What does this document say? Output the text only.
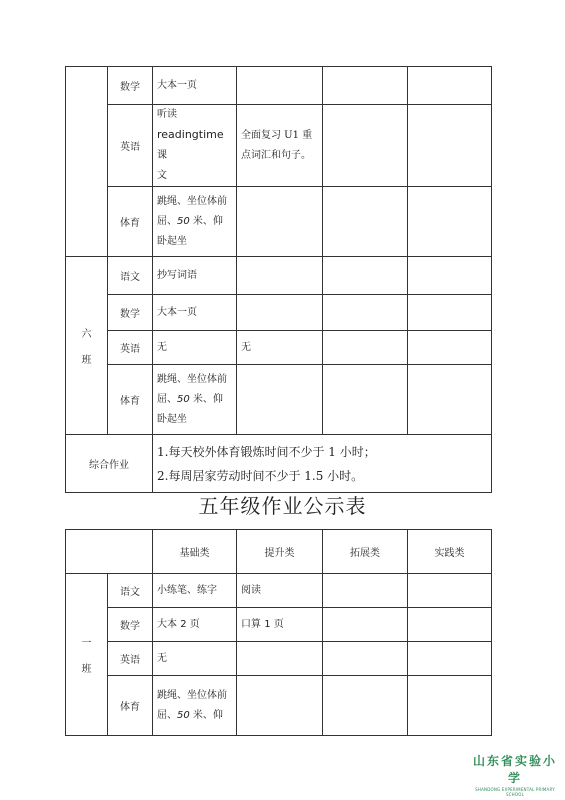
	数学	大本一页			
	英语	听读
readingtime 课
文	全面复习 U1 重
点词汇和句子。		
	体育	跳绳、坐位体前
屈、50 米、仰
卧起坐			
六

班	语文	抄写词语			
	数学	大本一页			
	英语	无	无		
	体育	跳绳、坐位体前
屈、50 米、仰
卧起坐			
综合作业		1.每天校外体育锻炼时间不少于 1 小时；
2.每周居家劳动时间不少于 1.5 小时。			
五年级作业公示表
		基础类	提升类	拓展类	实践类
一

班	语文	小练笔、练字	阅读		
	数学	大本 2 页	口算 1 页		
	英语	无			
	体育	跳绳、坐位体前
屈、50 米、仰			
山东省实验小学
SHANDONG EXPERIMENTAL PRIMARY SCHOOL
